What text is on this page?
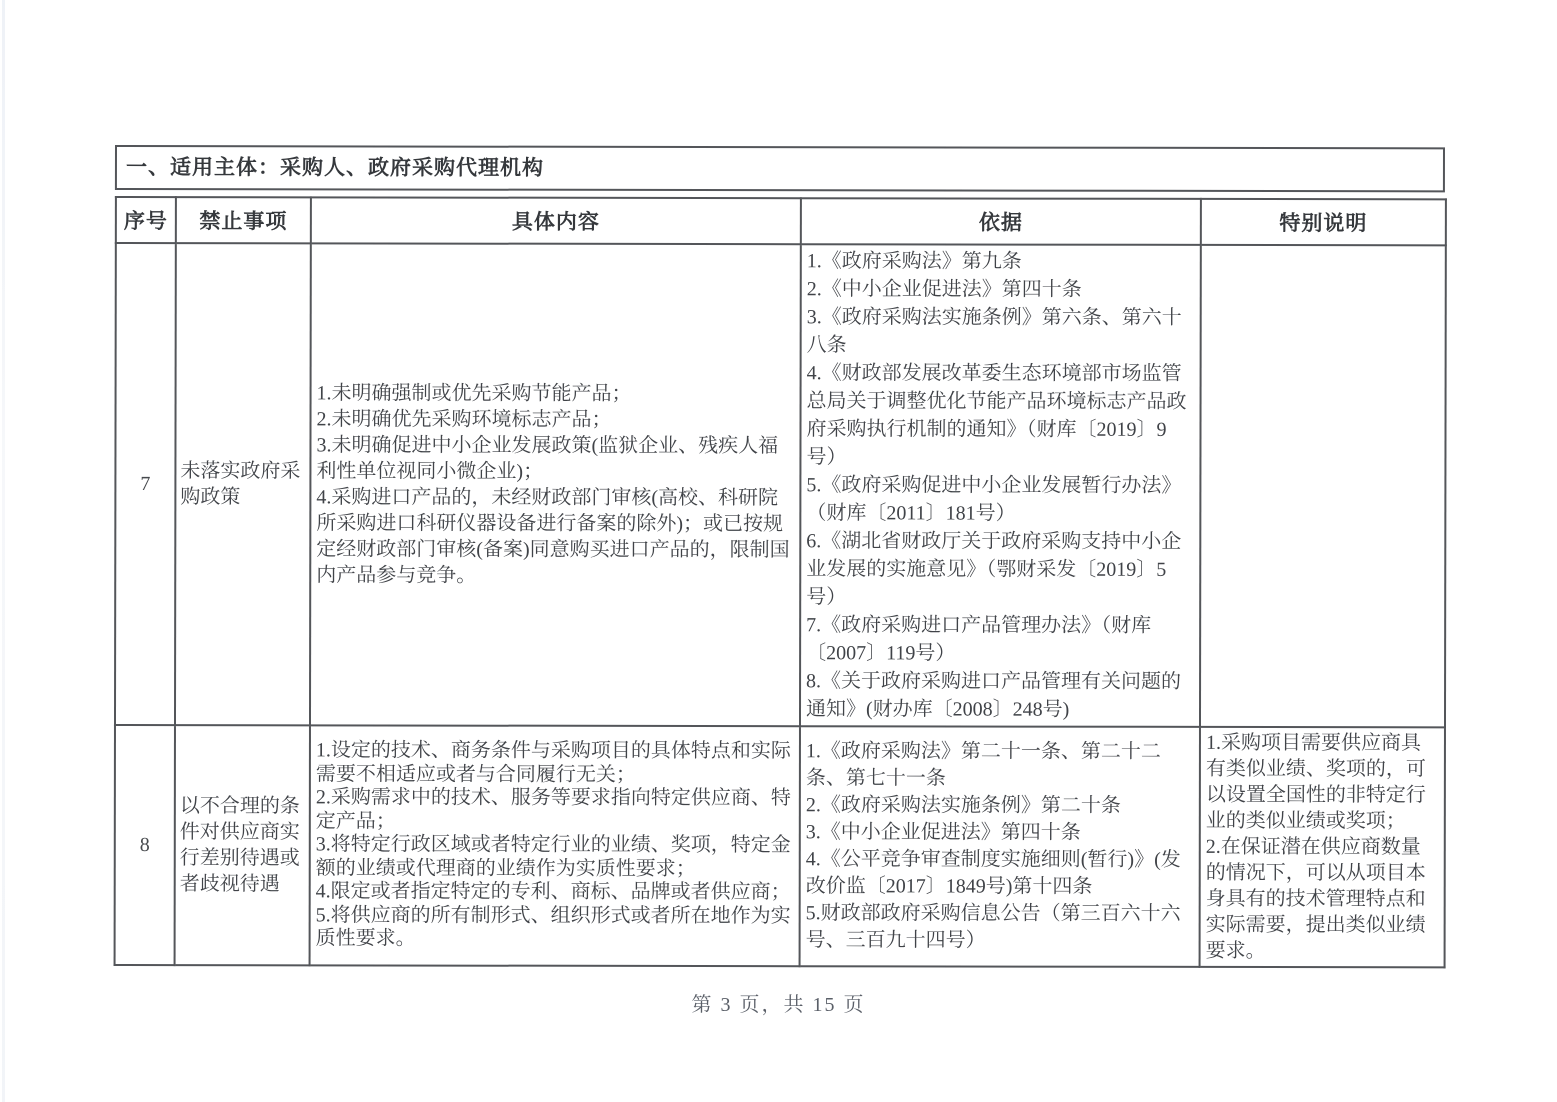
一、适用主体：采购人、政府采购代理机构
序号	禁止事项	具体内容	依据	特别说明
7	未落实政府采购政策	1.未明确强制或优先采购节能产品；
2.未明确优先采购环境标志产品；
3.未明确促进中小企业发展政策(监狱企业、残疾人福利性单位视同小微企业)；
4.采购进口产品的，未经财政部门审核(高校、科研院所采购进口科研仪器设备进行备案的除外)；或已按规定经财政部门审核(备案)同意购买进口产品的，限制国内产品参与竞争。	1.《政府采购法》第九条
2.《中小企业促进法》第四十条
3.《政府采购法实施条例》第六条、第六十八条
4.《财政部发展改革委生态环境部市场监管总局关于调整优化节能产品环境标志产品政府采购执行机制的通知》（财库〔2019〕9号）
5.《政府采购促进中小企业发展暂行办法》（财库〔2011〕181号）
6.《湖北省财政厅关于政府采购支持中小企业发展的实施意见》（鄂财采发〔2019〕5号）
7.《政府采购进口产品管理办法》（财库〔2007〕119号）
8.《关于政府采购进口产品管理有关问题的通知》(财办库〔2008〕248号)	
8	以不合理的条件对供应商实行差别待遇或者歧视待遇	1.设定的技术、商务条件与采购项目的具体特点和实际需要不相适应或者与合同履行无关；
2.采购需求中的技术、服务等要求指向特定供应商、特定产品；
3.将特定行政区域或者特定行业的业绩、奖项，特定金额的业绩或代理商的业绩作为实质性要求；
4.限定或者指定特定的专利、商标、品牌或者供应商；
5.将供应商的所有制形式、组织形式或者所在地作为实质性要求。	1.《政府采购法》第二十一条、第二十二条、第七十一条
2.《政府采购法实施条例》第二十条
3.《中小企业促进法》第四十条
4.《公平竞争审查制度实施细则(暂行)》(发改价监〔2017〕1849号)第十四条
5.财政部政府采购信息公告（第三百六十六号、三百九十四号）	1.采购项目需要供应商具有类似业绩、奖项的，可以设置全国性的非特定行业的类似业绩或奖项；
2.在保证潜在供应商数量的情况下，可以从项目本身具有的技术管理特点和实际需要，提出类似业绩要求。
第 3 页，共 15 页
